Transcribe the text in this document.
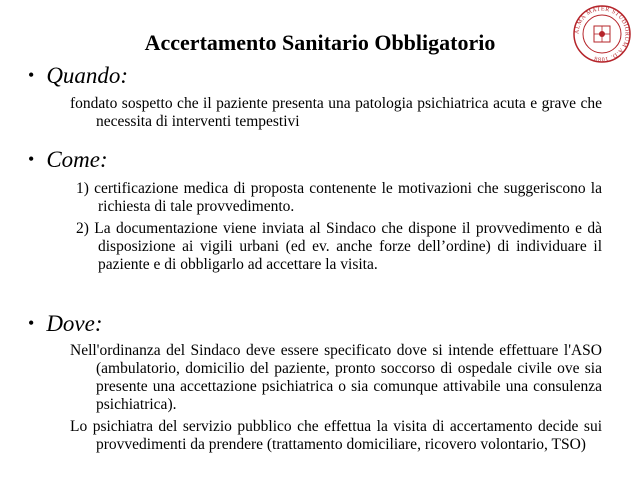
Accertamento Sanitario Obbligatorio	ALMA MATER STUDIORUM A.D. 1088
• Quando:

fondato sospetto che il paziente presenta una patologia psichiatrica acuta e grave che necessita di interventi tempestivi

• Come:

1) certificazione medica di proposta contenente le motivazioni che suggeriscono la richiesta di tale provvedimento.

2) La documentazione viene inviata al Sindaco che dispone il provvedimento e dà disposizione ai vigili urbani (ed ev. anche forze dell’ordine) di individuare il paziente e di obbligarlo ad accettare la visita.

• Dove:

Nell'ordinanza del Sindaco deve essere specificato dove si intende effettuare l'ASO (ambulatorio, domicilio del paziente, pronto soccorso di ospedale civile ove sia presente una accettazione psichiatrica o sia comunque attivabile una consulenza psichiatrica).

Lo psichiatra del servizio pubblico che effettua la visita di accertamento decide sui provvedimenti da prendere (trattamento domiciliare, ricovero volontario, TSO)
